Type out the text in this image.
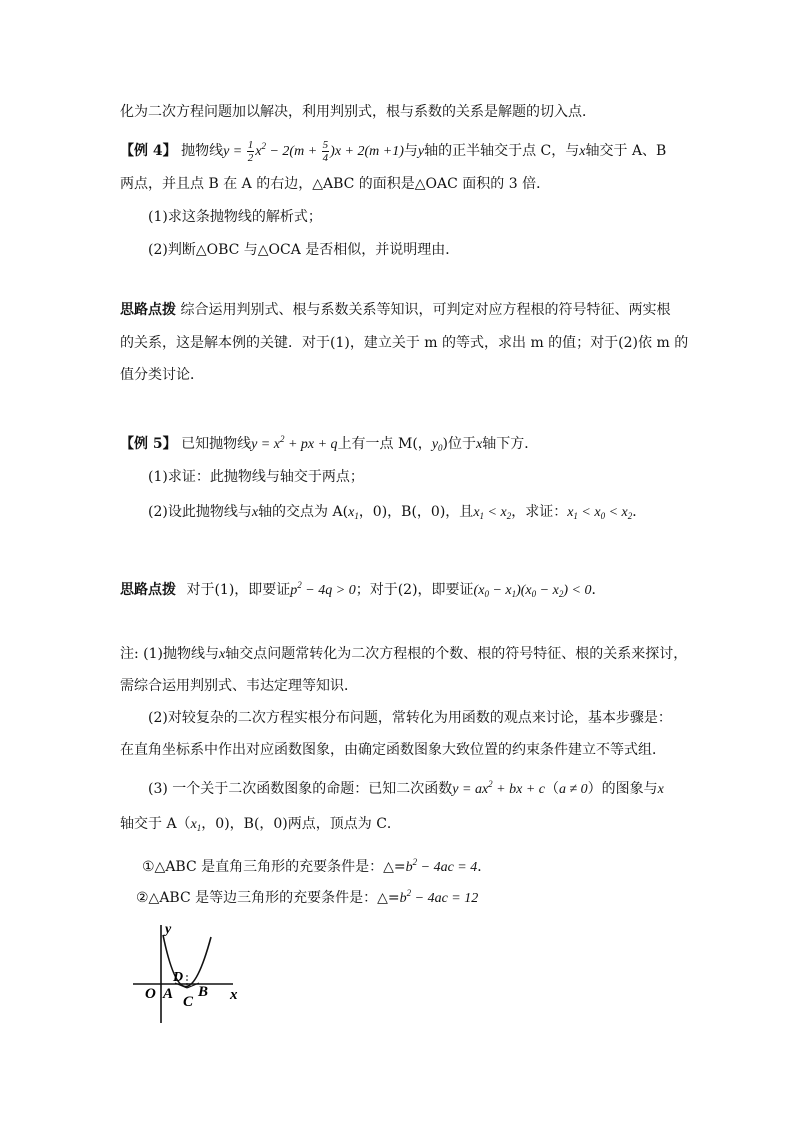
化为二次方程问题加以解决，利用判别式，根与系数的关系是解题的切入点．
【例 4】 抛物线$y = \frac{1}{2} x^2 - 2(m + \frac{5}{4} )x + 2(m +1)$与y轴的正半轴交于点 C，与x轴交于 A、B
两点，并且点 B 在 A 的右边，△ABC 的面积是△OAC 面积的 3 倍．
(1)求这条抛物线的解析式；
(2)判断△OBC 与△OCA 是否相似，并说明理由．
思路点拨 综合运用判别式、根与系数关系等知识，可判定对应方程根的符号特征、两实根
的关系，这是解本例的关键．对于(1)，建立关于 m 的等式，求出 m 的值；对于(2)依 m 的
值分类讨论．
【例 5】 已知抛物线$y = x^2$ + px + q上有一点 M(，$y_0$)位于x轴下方．
(1)求证：此抛物线与轴交于两点；
(2)设此抛物线与x轴的交点为 $A(x_1$，0)，B(，0)，且$x_1 < x_2$，求证：$x_1 < x_0 < x_2$．
思路点拨 对于(1)，即要证$p^2 - 4q > 0$；对于(2)，即要证$(x_0 - x_1)(x_0 - x_2) < 0$．
注: (1)抛物线与x轴交点问题常转化为二次方程根的个数、根的符号特征、根的关系来探讨，
需综合运用判别式、韦达定理等知识．
(2)对较复杂的二次方程实根分布问题，常转化为用函数的观点来讨论，基本步骤是：
在直角坐标系中作出对应函数图象，由确定函数图象大致位置的约束条件建立不等式组．
(3) 一个关于二次函数图象的命题：已知二次函数$y = ax^2$ + bx + c（a ≠ 0）的图象与x
轴交于 $A(x_1$，0)，B(，0)两点，顶点为 C．
①△ABC 是直角三角形的充要条件是：$\triangle=b^2 - 4ac = 4$．
②△ABC 是等边三角形的充要条件是：$\triangle=b^2 - 4ac = 12$
y
x
O A B
C
D
